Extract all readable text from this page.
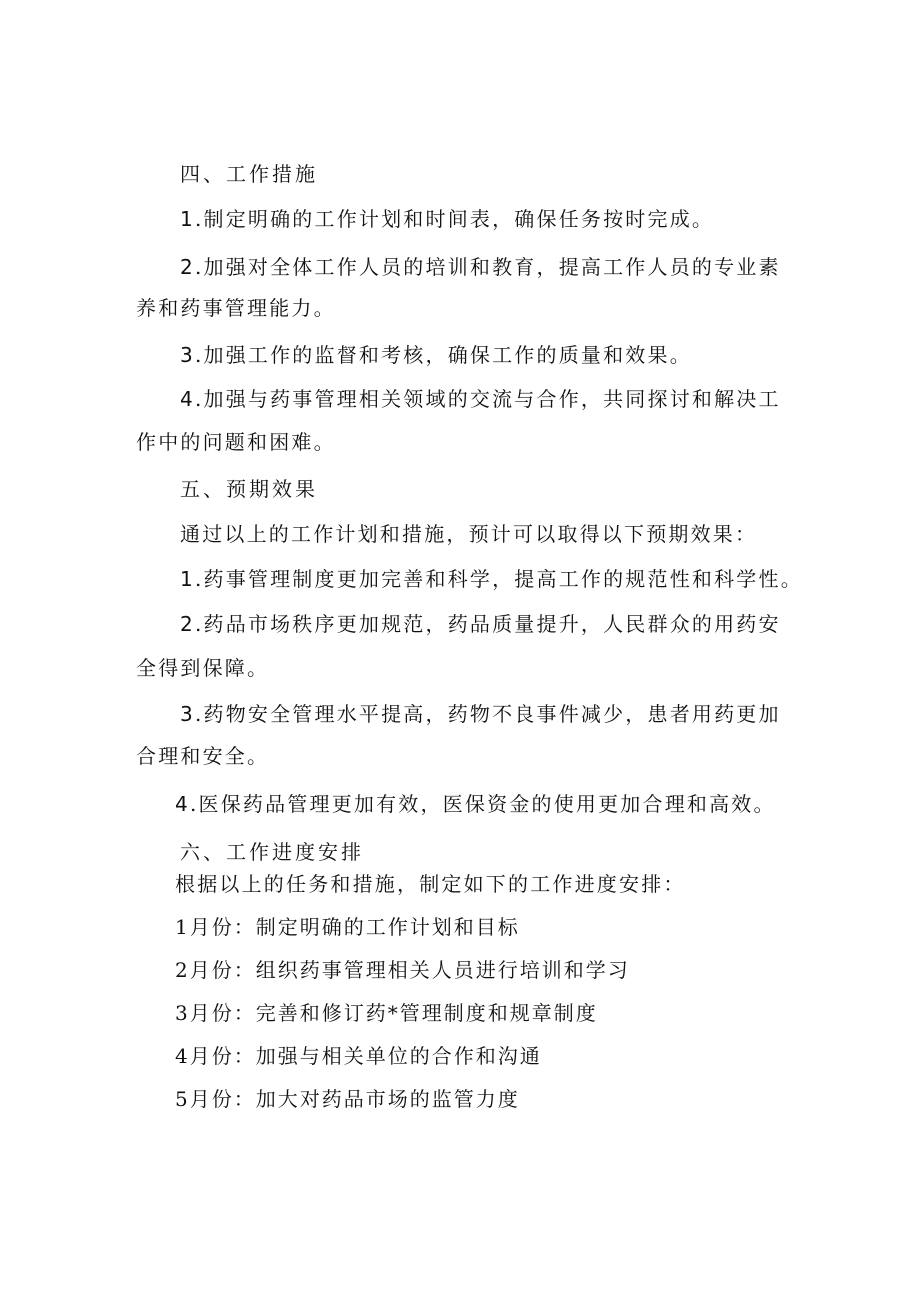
四、工作措施
1.制定明确的工作计划和时间表，确保任务按时完成。
2.加强对全体工作人员的培训和教育，提高工作人员的专业素
养和药事管理能力。
3.加强工作的监督和考核，确保工作的质量和效果。
4.加强与药事管理相关领域的交流与合作，共同探讨和解决工
作中的问题和困难。
五、预期效果
通过以上的工作计划和措施，预计可以取得以下预期效果：
1.药事管理制度更加完善和科学，提高工作的规范性和科学性。
2.药品市场秩序更加规范，药品质量提升，人民群众的用药安
全得到保障。
3.药物安全管理水平提高，药物不良事件减少，患者用药更加
合理和安全。
4.医保药品管理更加有效，医保资金的使用更加合理和高效。
六、工作进度安排
根据以上的任务和措施，制定如下的工作进度安排：
1月份：制定明确的工作计划和目标
2月份：组织药事管理相关人员进行培训和学习
3月份：完善和修订药*管理制度和规章制度
4月份：加强与相关单位的合作和沟通
5月份：加大对药品市场的监管力度
